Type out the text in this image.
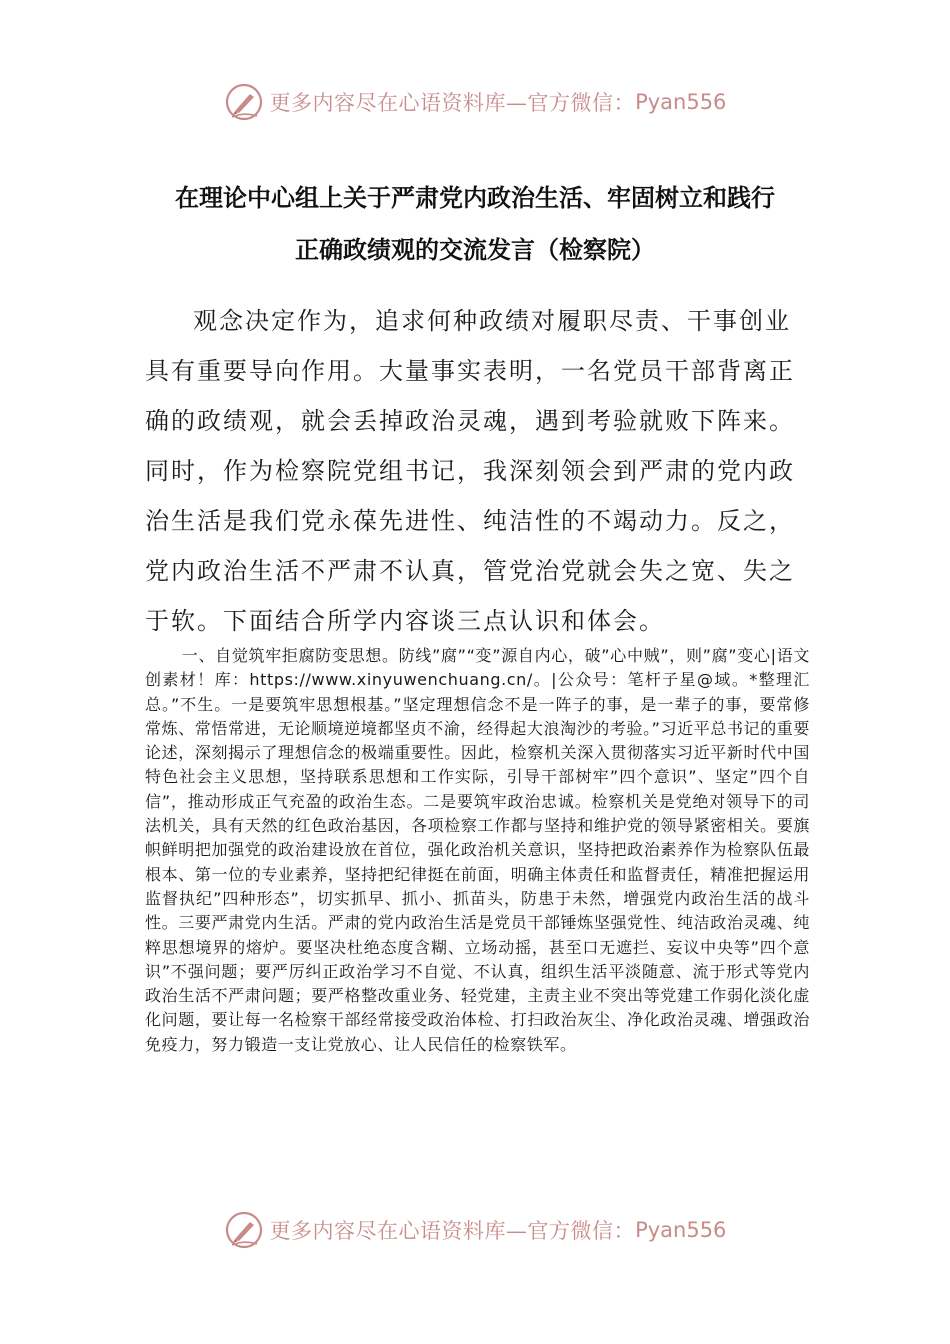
更多内容尽在心语资料库—官方微信： Pyan556
在理论中心组上关于严肃党内政治生活、牢固树立和践行
正确政绩观的交流发言（检察院）

观念决定作为，追求何种政绩对履职尽责、干事创业具有重要导向作用。大量事实表明，一名党员干部背离正确的政绩观，就会丢掉政治灵魂，遇到考验就败下阵来。同时，作为检察院党组书记，我深刻领会到严肃的党内政治生活是我们党永葆先进性、纯洁性的不竭动力。反之，党内政治生活不严肃不认真，管党治党就会失之宽、失之于软。下面结合所学内容谈三点认识和体会。

一、自觉筑牢拒腐防变思想。防线”腐”“变”源自内心，破”心中贼”，则”腐”变心|语文创素材！库：https://www.xinyuwenchuang.cn/。|公众号：笔杆子星@域。*整理汇总。”不生。一是要筑牢思想根基。”坚定理想信念不是一阵子的事，是一辈子的事，要常修常炼、常悟常进，无论顺境逆境都坚贞不渝，经得起大浪淘沙的考验。”习近平总书记的重要论述，深刻揭示了理想信念的极端重要性。因此，检察机关深入贯彻落实习近平新时代中国特色社会主义思想，坚持联系思想和工作实际，引导干部树牢”四个意识”、坚定”四个自信”，推动形成正气充盈的政治生态。二是要筑牢政治忠诚。检察机关是党绝对领导下的司法机关，具有天然的红色政治基因，各项检察工作都与坚持和维护党的领导紧密相关。要旗帜鲜明把加强党的政治建设放在首位，强化政治机关意识，坚持把政治素养作为检察队伍最根本、第一位的专业素养，坚持把纪律挺在前面，明确主体责任和监督责任，精准把握运用监督执纪”四种形态”，切实抓早、抓小、抓苗头，防患于未然，增强党内政治生活的战斗性。三要严肃党内生活。严肃的党内政治生活是党员干部锤炼坚强党性、纯洁政治灵魂、纯粹思想境界的熔炉。要坚决杜绝态度含糊、立场动摇，甚至口无遮拦、妄议中央等”四个意识”不强问题；要严厉纠正政治学习不自觉、不认真，组织生活平淡随意、流于形式等党内政治生活不严肃问题；要严格整改重业务、轻党建，主责主业不突出等党建工作弱化淡化虚化问题，要让每一名检察干部经常接受政治体检、打扫政治灰尘、净化政治灵魂、增强政治免疫力，努力锻造一支让党放心、让人民信任的检察铁军。

更多内容尽在心语资料库—官方微信： Pyan556
